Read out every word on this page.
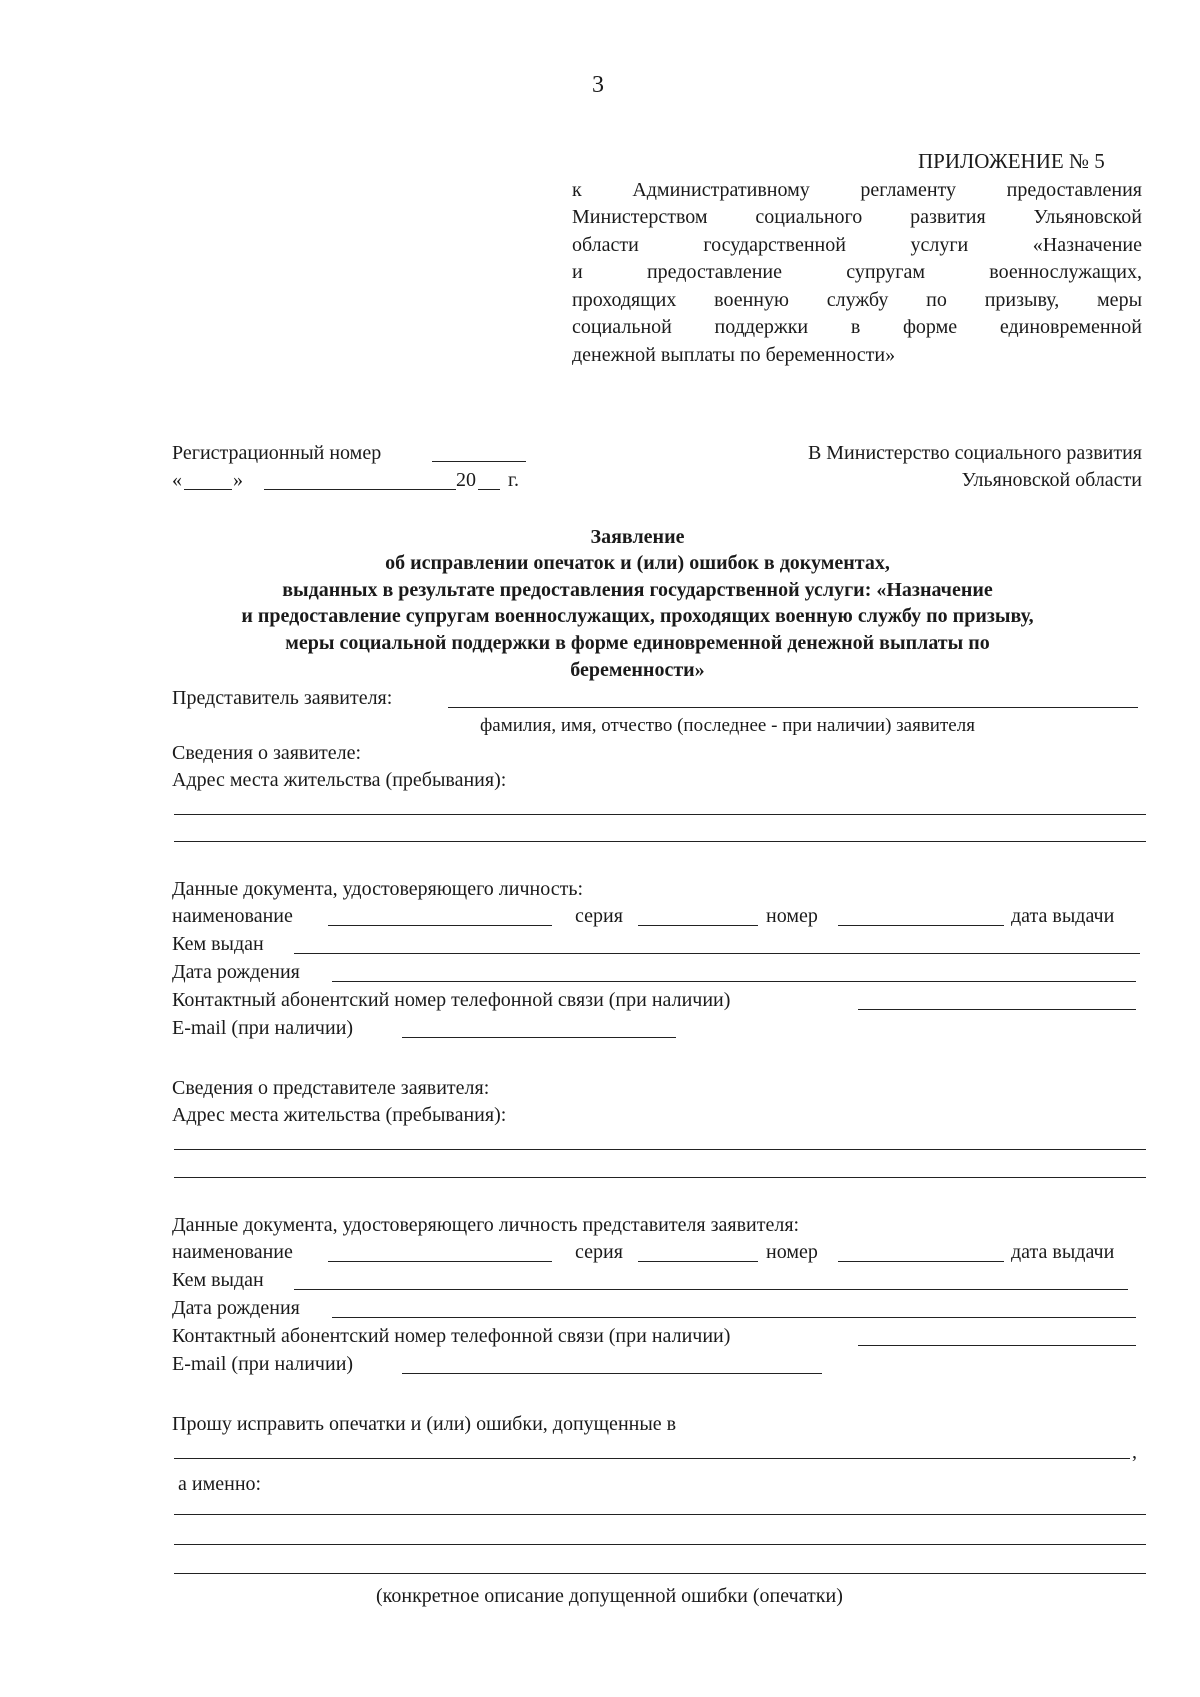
3
ПРИЛОЖЕНИЕ № 5
к Административному регламенту предоставления
Министерством социального развития Ульяновской
области государственной услуги «Назначение
и предоставление супругам военнослужащих,
проходящих военную службу по призыву, меры
социальной поддержки в форме единовременной
денежной выплаты по беременности»
Регистрационный номер
«	»	20 г.
В Министерство социального развития
Ульяновской области
Заявление
об исправлении опечаток и (или) ошибок в документах,
выданных в результате предоставления государственной услуги: «Назначение
и предоставление супругам военнослужащих, проходящих военную службу по призыву,
меры социальной поддержки в форме единовременной денежной выплаты по
беременности»
Представитель заявителя:
фамилия, имя, отчество (последнее - при наличии) заявителя
Сведения о заявителе:
Адрес места жительства (пребывания):
Данные документа, удостоверяющего личность:
наименование	серия	номер	дата выдачи
Кем выдан
Дата рождения
Контактный абонентский номер телефонной связи (при наличии)
E-mail (при наличии)
Сведения о представителе заявителя:
Адрес места жительства (пребывания):
Данные документа, удостоверяющего личность представителя заявителя:
наименование	серия	номер	дата выдачи
Кем выдан
Дата рождения
Контактный абонентский номер телефонной связи (при наличии)
E-mail (при наличии)
Прошу исправить опечатки и (или) ошибки, допущенные в
,
а именно:
(конкретное описание допущенной ошибки (опечатки)
